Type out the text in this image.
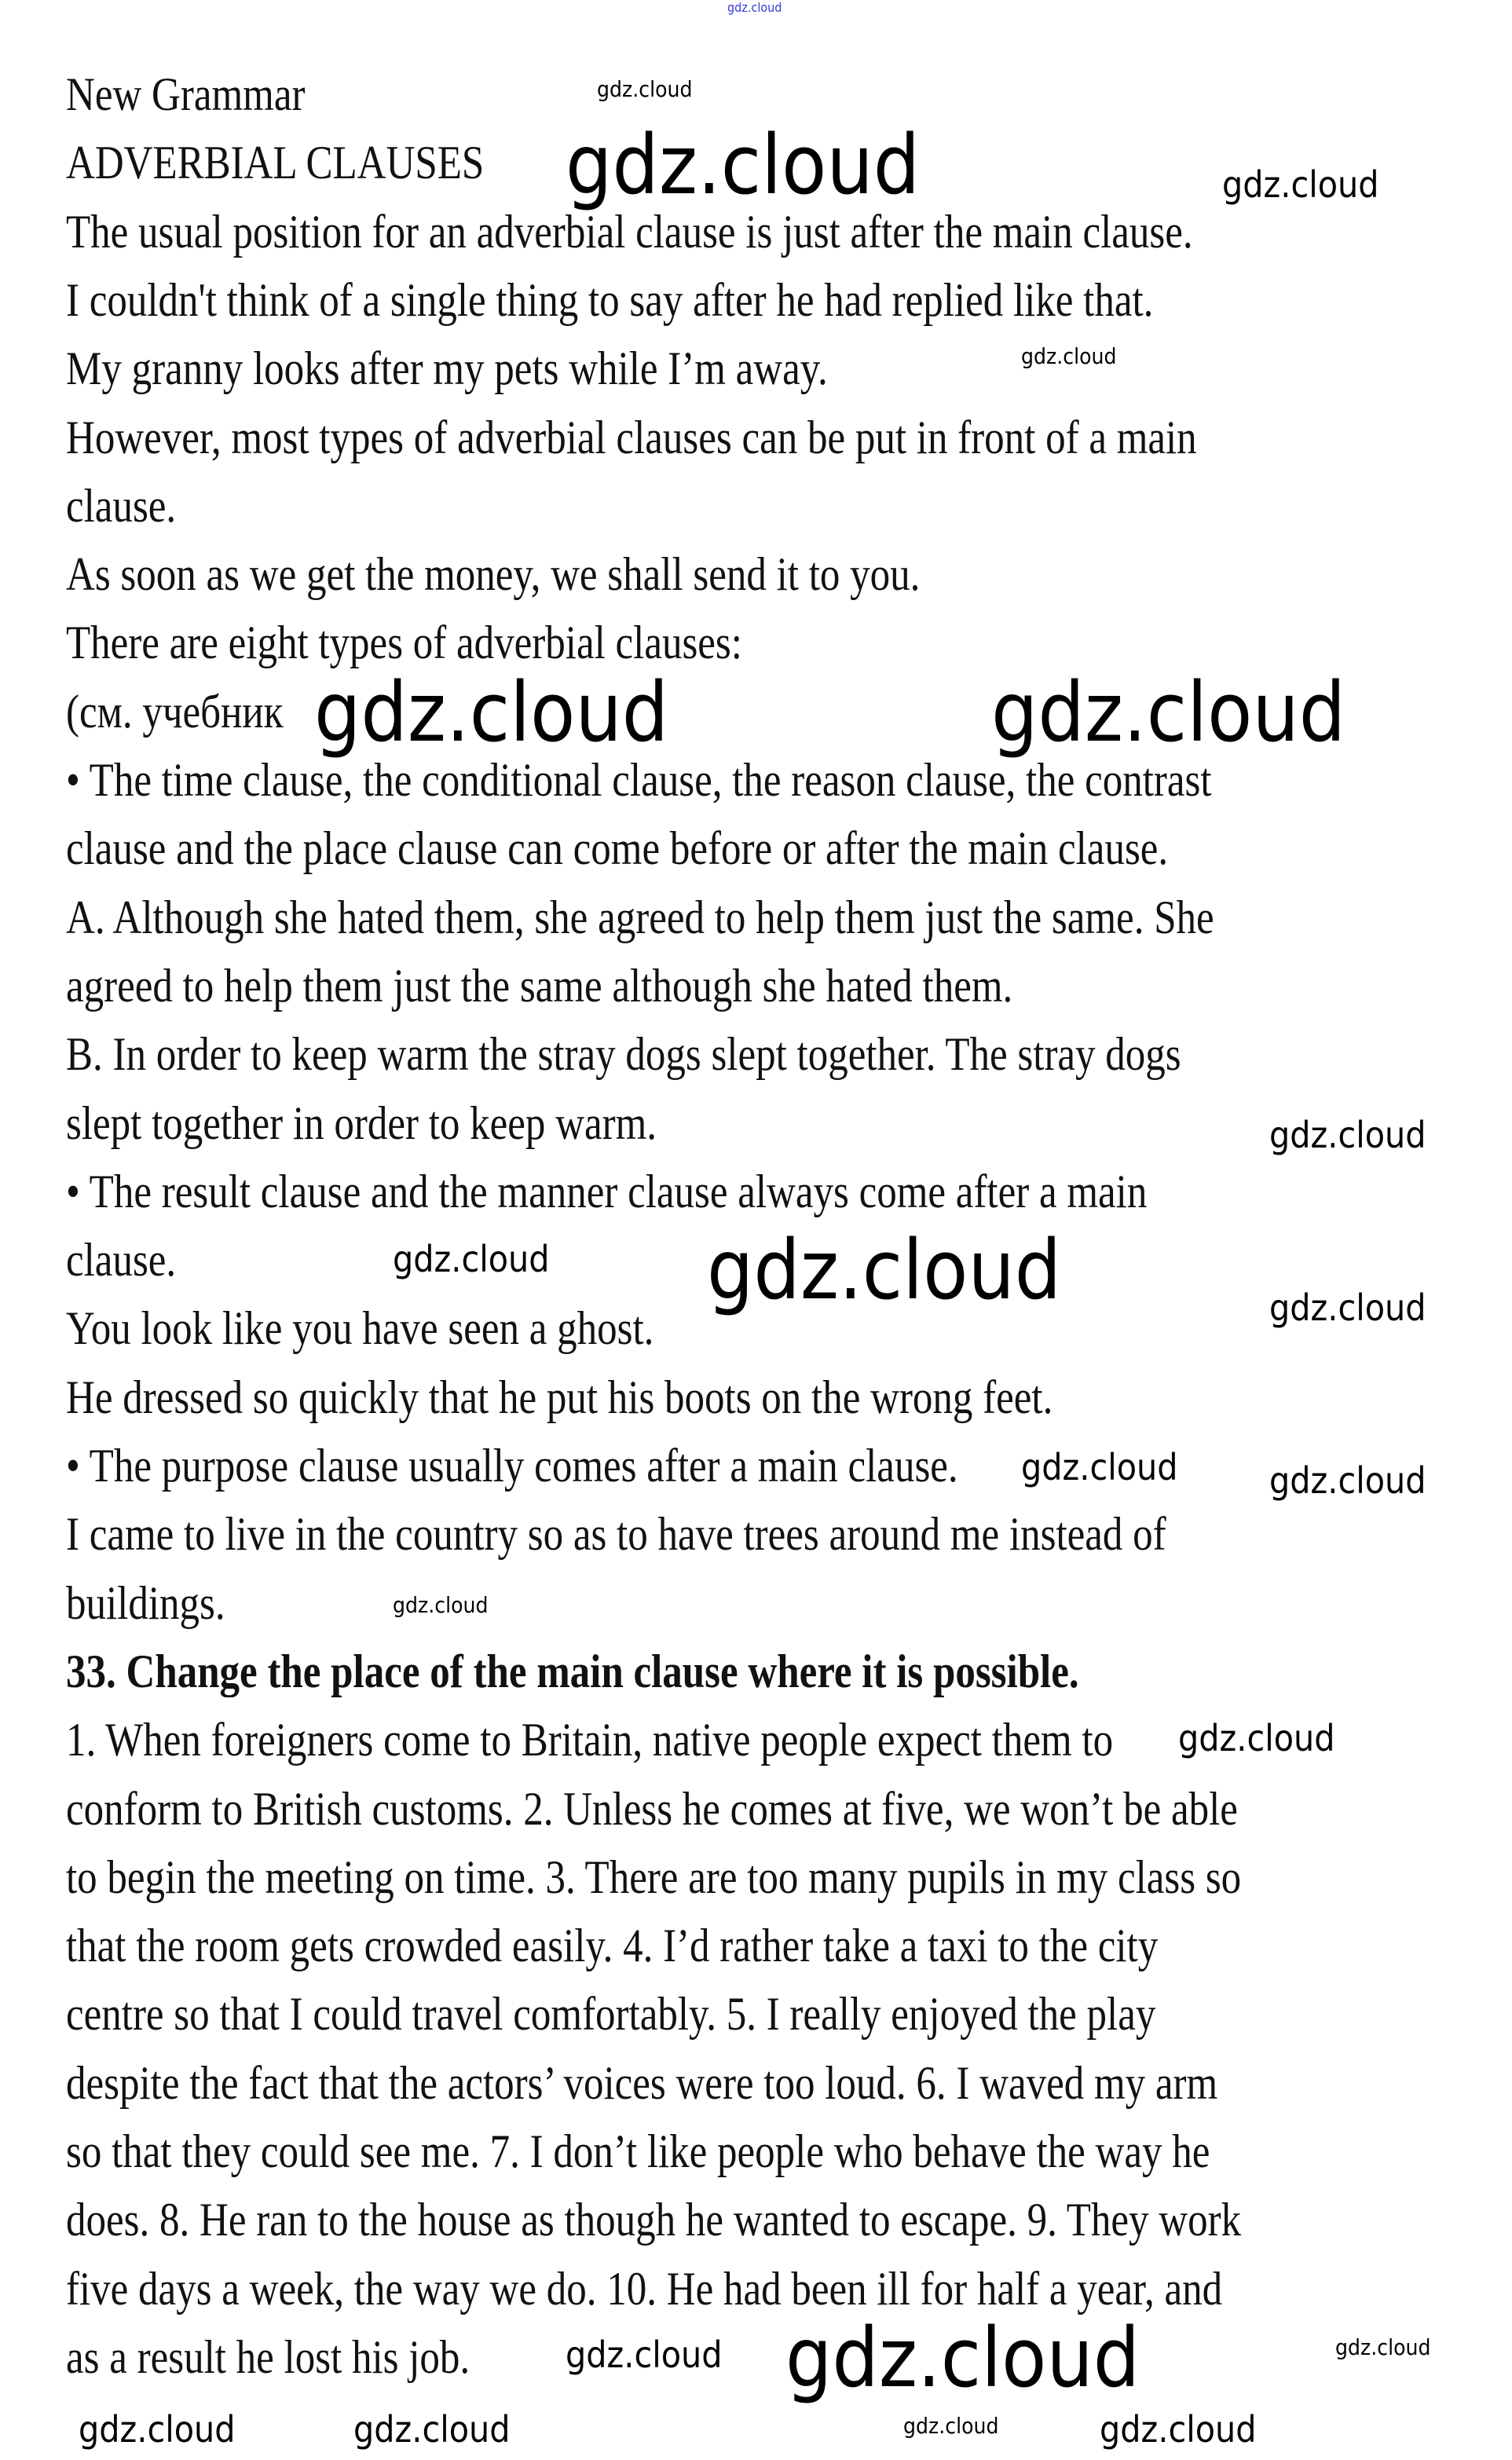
New Grammar
ADVERBIAL CLAUSES
The usual position for an adverbial clause is just after the main clause.
I couldn't think of a single thing to say after he had replied like that.
My granny looks after my pets while I’m away.
However, most types of adverbial clauses can be put in front of a main
clause.
As soon as we get the money, we shall send it to you.
There are eight types of adverbial clauses:
(см. учебник
• The time clause, the conditional clause, the reason clause, the contrast
clause and the place clause can come before or after the main clause.
A. Although she hated them, she agreed to help them just the same. She
agreed to help them just the same although she hated them.
B. In order to keep warm the stray dogs slept together. The stray dogs
slept together in order to keep warm.
• The result clause and the manner clause always come after a main
clause.
You look like you have seen a ghost.
He dressed so quickly that he put his boots on the wrong feet.
• The purpose clause usually comes after a main clause.
I came to live in the country so as to have trees around me instead of
buildings.
33. Change the place of the main clause where it is possible.
1. When foreigners come to Britain, native people expect them to
conform to British customs. 2. Unless he comes at five, we won’t be able
to begin the meeting on time. 3. There are too many pupils in my class so
that the room gets crowded easily. 4. I’d rather take a taxi to the city
centre so that I could travel comfortably. 5. I really enjoyed the play
despite the fact that the actors’ voices were too loud. 6. I waved my arm
so that they could see me. 7. I don’t like people who behave the way he
does. 8. He ran to the house as though he wanted to escape. 9. They work
five days a week, the way we do. 10. He had been ill for half a year, and
as a result he lost his job.
gdz.cloud
gdz.cloud
gdz.cloud	gdz.cloud
gdz.cloud
gdz.cloud	gdz.cloud
gdz.cloud
gdz.cloud gdz.cloud	gdz.cloud
gdz.cloud	gdz.cloud
gdz.cloud
gdz.cloud
gdz.cloud
gdz.cloud
gdz.cloud	gdz.cloud
gdz.cloud
gdz.cloud
gdz.cloud
